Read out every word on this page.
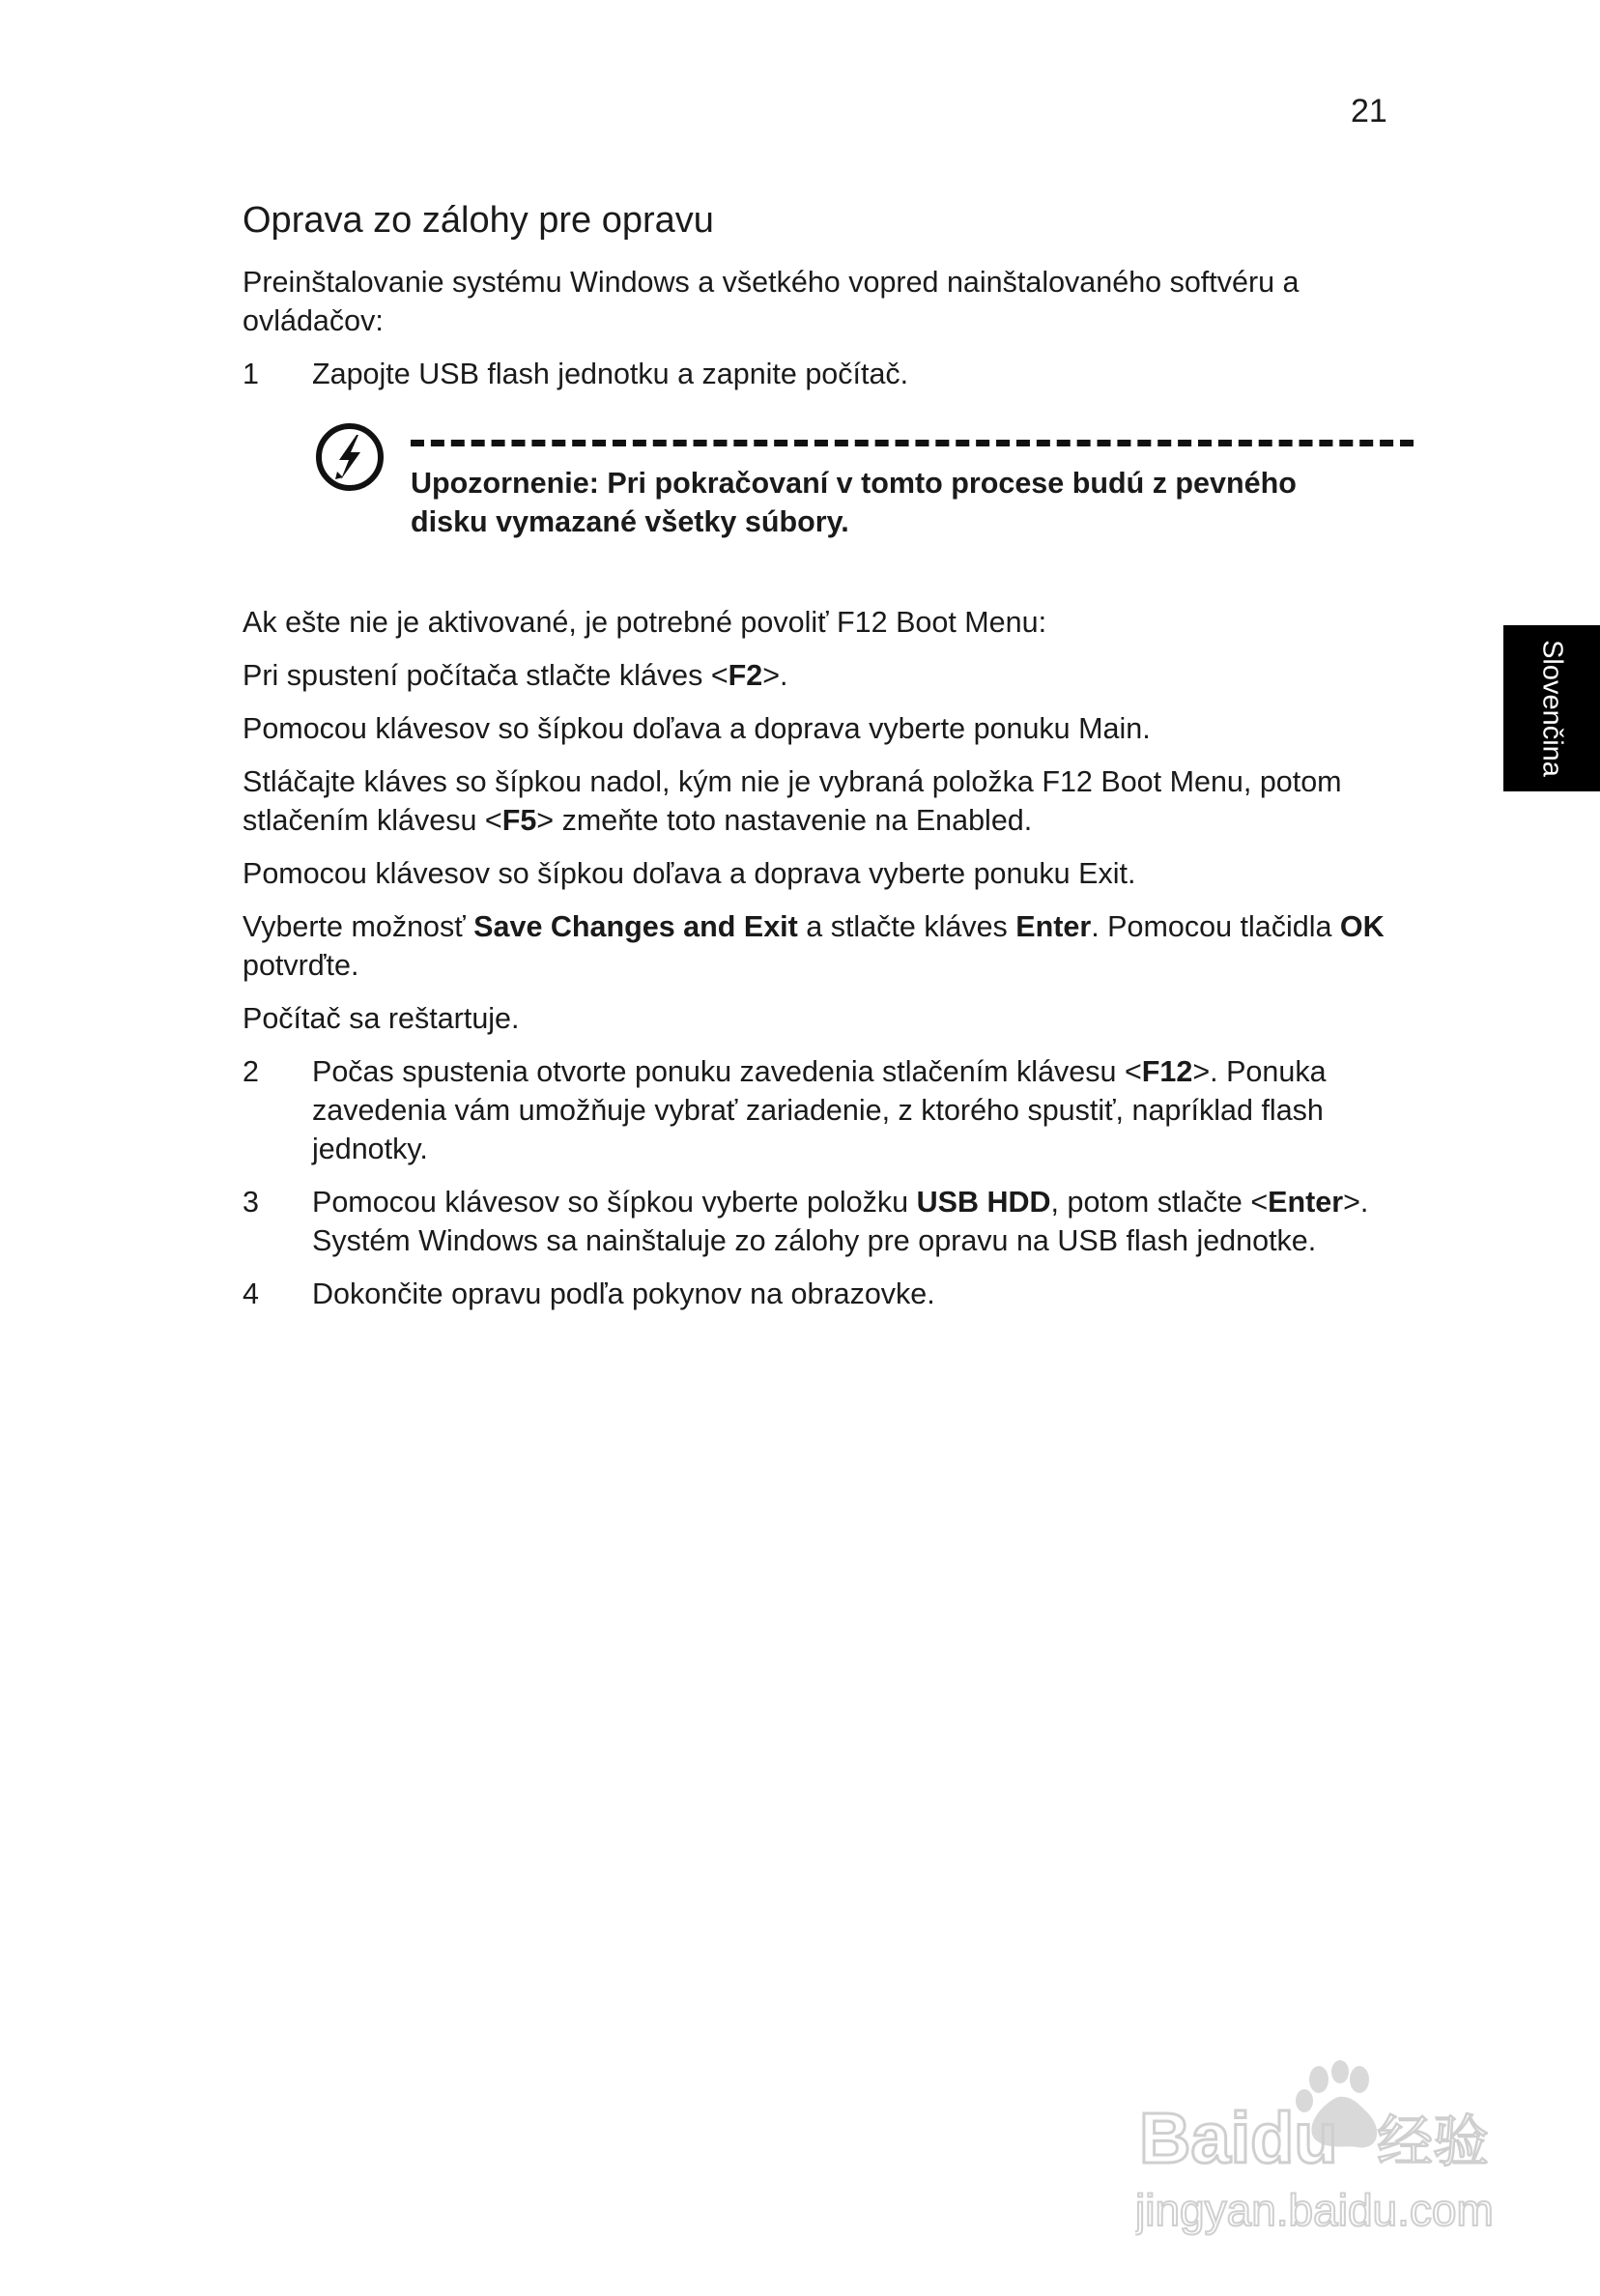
21
Slovenčina
Oprava zo zálohy pre opravu

Preinštalovanie systému Windows a všetkého vopred nainštalovaného softvéru a ovládačov:

1	Zapojte USB flash jednotku a zapnite počítač.
Upozornenie: Pri pokračovaní v tomto procese budú z pevného disku vymazané všetky súbory.

Ak ešte nie je aktivované, je potrebné povoliť F12 Boot Menu:

Pri spustení počítača stlačte kláves <F2>.

Pomocou klávesov so šípkou doľava a doprava vyberte ponuku Main.

Stláčajte kláves so šípkou nadol, kým nie je vybraná položka F12 Boot Menu, potom stlačením klávesu <F5> zmeňte toto nastavenie na Enabled.

Pomocou klávesov so šípkou doľava a doprava vyberte ponuku Exit.

Vyberte možnosť Save Changes and Exit a stlačte kláves Enter. Pomocou tlačidla OK potvrďte.

Počítač sa reštartuje.

2	Počas spustenia otvorte ponuku zavedenia stlačením klávesu <F12>. Ponuka zavedenia vám umožňuje vybrať zariadenie, z ktorého spustiť, napríklad flash jednotky.
3	Pomocou klávesov so šípkou vyberte položku USB HDD, potom stlačte <Enter>. Systém Windows sa nainštaluje zo zálohy pre opravu na USB flash jednotke.
4	Dokončite opravu podľa pokynov na obrazovke.
Baidu 经验
jingyan.baidu.com
